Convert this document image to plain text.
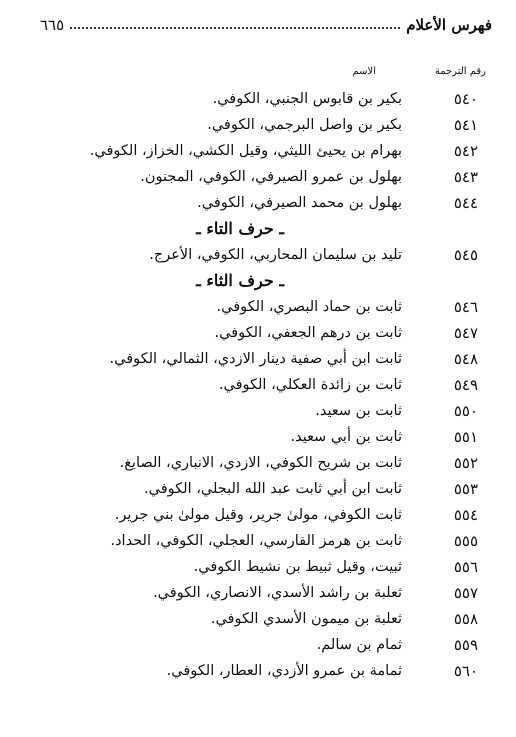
فهرس الأعلام
٦٦٥
رقم الترجمة
الاسم
٥٤٠
بكير بن قابوس الجنبي، الكوفي.
٥٤١
بكير بن واصل البرجمي، الكوفي.
٥٤٢
بهرام بن يحيئ الليثي، وقيل الكشي، الخزاز، الكوفي.
٥٤٣
بهلول بن عمرو الصيرفي، الكوفي، المجنون.
٥٤٤
بهلول بن محمد الصيرفي، الكوفي.
ـ حرف التاء ـ
٥٤٥
تليد بن سليمان المحاربي، الكوفي، الأعرج.
ـ حرف الثاء ـ
٥٤٦
ثابت بن حماد البصري، الكوفي.
٥٤٧
ثابت بن درهم الجعفي، الكوفي.
٥٤٨
ثابت ابن أبي صفية دينار الازدي، الثمالي، الكوفي.
٥٤٩
ثابت بن زائدة العكلي، الكوفي.
٥٥٠
ثابت بن سعيد.
٥٥١
ثابت بن أبي سعيد.
٥٥٢
ثابت بن شريح الكوفي، الازدي، الانباري، الصايغ.
٥٥٣
ثابت ابن أبي ثابت عبد الله البجلي، الكوفي.
٥٥٤
ثابت الكوفي، مولىٰ جرير، وقيل مولىٰ بني جرير.
٥٥٥
ثابت بن هرمز الفارسي، العجلي، الكوفي، الحداد.
٥٥٦
ثبيت، وقيل ثبيط بن نشيط الكوفي.
٥٥٧
ثعلبة بن راشد الأسدي، الانصاري، الكوفي.
٥٥٨
ثعلبة بن ميمون الأسدي الكوفي.
٥٥٩
ثمام بن سالم.
٥٦٠
ثمامة بن عمرو الأزدي، العطار، الكوفي.
